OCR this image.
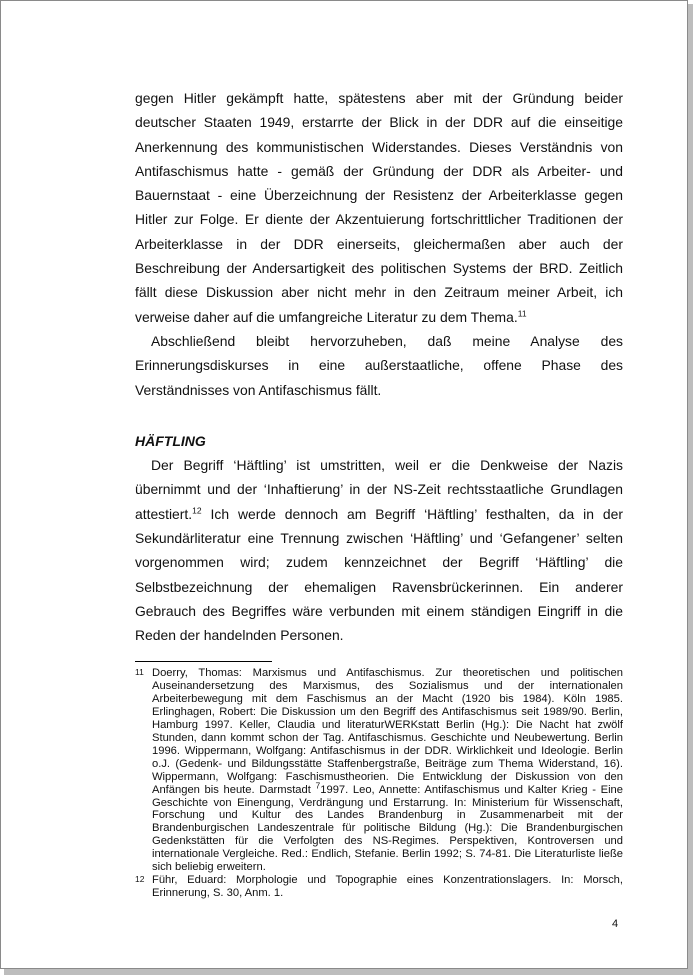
gegen Hitler gekämpft hatte, spätestens aber mit der Gründung beider deutscher Staaten 1949, erstarrte der Blick in der DDR auf die einseitige Anerkennung des kommunistischen Widerstandes. Dieses Verständnis von Antifaschismus hatte - gemäß der Gründung der DDR als Arbeiter- und Bauernstaat - eine Überzeichnung der Resistenz der Arbeiterklasse gegen Hitler zur Folge. Er diente der Akzentuierung fortschrittlicher Traditionen der Arbeiterklasse in der DDR einerseits, gleichermaßen aber auch der Beschreibung der Andersartigkeit des politischen Systems der BRD. Zeitlich fällt diese Diskussion aber nicht mehr in den Zeitraum meiner Arbeit, ich verweise daher auf die umfangreiche Literatur zu dem Thema.$^{11}$

Abschließend bleibt hervorzuheben, daß meine Analyse des Erinnerungsdiskurses in eine außerstaatliche, offene Phase des Verständnisses von Antifaschismus fällt.

HÄFTLING

Der Begriff ‘Häftling’ ist umstritten, weil er die Denkweise der Nazis übernimmt und der ‘Inhaftierung’ in der NS-Zeit rechtsstaatliche Grundlagen attestiert.$^{12}$ Ich werde dennoch am Begriff ‘Häftling’ festhalten, da in der Sekundärliteratur eine Trennung zwischen ‘Häftling’ und ‘Gefangener’ selten vorgenommen wird; zudem kennzeichnet der Begriff ‘Häftling’ die Selbstbezeichnung der ehemaligen Ravensbrückerinnen. Ein anderer Gebrauch des Begriffes wäre verbunden mit einem ständigen Eingriff in die Reden der handelnden Personen.

11 Doerry, Thomas: Marxismus und Antifaschismus. Zur theoretischen und politischen Auseinandersetzung des Marxismus, des Sozialismus und der internationalen Arbeiterbewegung mit dem Faschismus an der Macht (1920 bis 1984). Köln 1985. Erlinghagen, Robert: Die Diskussion um den Begriff des Antifaschismus seit 1989/90. Berlin, Hamburg 1997. Keller, Claudia und literaturWERKstatt Berlin (Hg.): Die Nacht hat zwölf Stunden, dann kommt schon der Tag. Antifaschismus. Geschichte und Neubewertung. Berlin 1996. Wippermann, Wolfgang: Antifaschismus in der DDR. Wirklichkeit und Ideologie. Berlin o.J. (Gedenk- und Bildungsstätte Staffenbergstraße, Beiträge zum Thema Widerstand, 16). Wippermann, Wolfgang: Faschismustheorien. Die Entwicklung der Diskussion von den Anfängen bis heute. Darmstadt $^7$1997. Leo, Annette: Antifaschismus und Kalter Krieg - Eine Geschichte von Einengung, Verdrängung und Erstarrung. In: Ministerium für Wissenschaft, Forschung und Kultur des Landes Brandenburg in Zusammenarbeit mit der Brandenburgischen Landeszentrale für politische Bildung (Hg.): Die Brandenburgischen Gedenkstätten für die Verfolgten des NS-Regimes. Perspektiven, Kontroversen und internationale Vergleiche. Red.: Endlich, Stefanie. Berlin 1992; S. 74-81. Die Literaturliste ließe sich beliebig erweitern.

12 Führ, Eduard: Morphologie und Topographie eines Konzentrationslagers. In: Morsch, Erinnerung, S. 30, Anm. 1.

4
